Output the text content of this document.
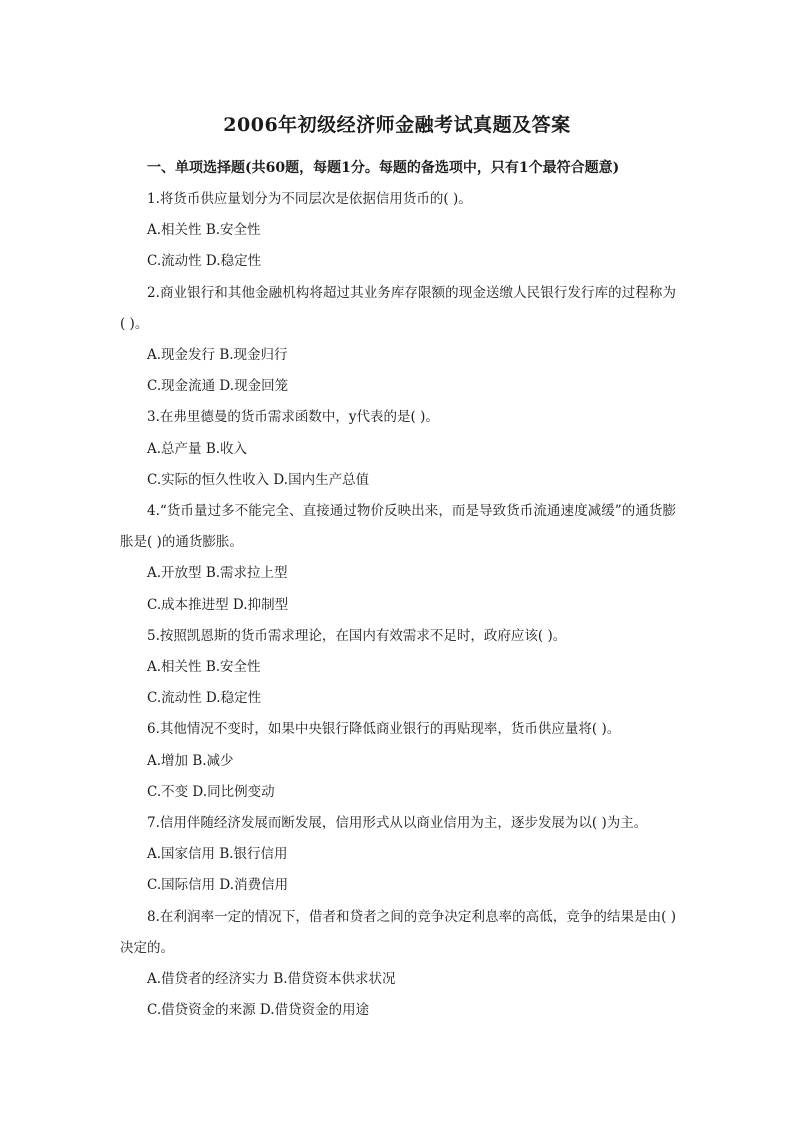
2006年初级经济师金融考试真题及答案
一、单项选择题(共60题，每题1分。每题的备选项中，只有1个最符合题意)

1.将货币供应量划分为不同层次是依据信用货币的( )。

A.相关性 B.安全性

C.流动性 D.稳定性

2.商业银行和其他金融机构将超过其业务库存限额的现金送缴人民银行发行库的过程称为( )。

A.现金发行 B.现金归行

C.现金流通 D.现金回笼

3.在弗里德曼的货币需求函数中，y代表的是( )。

A.总产量 B.收入

C.实际的恒久性收入 D.国内生产总值

4.“货币量过多不能完全、直接通过物价反映出来，而是导致货币流通速度减缓”的通货膨胀是( )的通货膨胀。

A.开放型 B.需求拉上型

C.成本推进型 D.抑制型

5.按照凯恩斯的货币需求理论，在国内有效需求不足时，政府应该( )。

A.相关性 B.安全性

C.流动性 D.稳定性

6.其他情况不变时，如果中央银行降低商业银行的再贴现率，货币供应量将( )。

A.增加 B.减少

C.不变 D.同比例变动

7.信用伴随经济发展而断发展，信用形式从以商业信用为主，逐步发展为以( )为主。

A.国家信用 B.银行信用

C.国际信用 D.消费信用

8.在利润率一定的情况下，借者和贷者之间的竞争决定利息率的高低，竞争的结果是由( )决定的。

A.借贷者的经济实力 B.借贷资本供求状况

C.借贷资金的来源 D.借贷资金的用途
